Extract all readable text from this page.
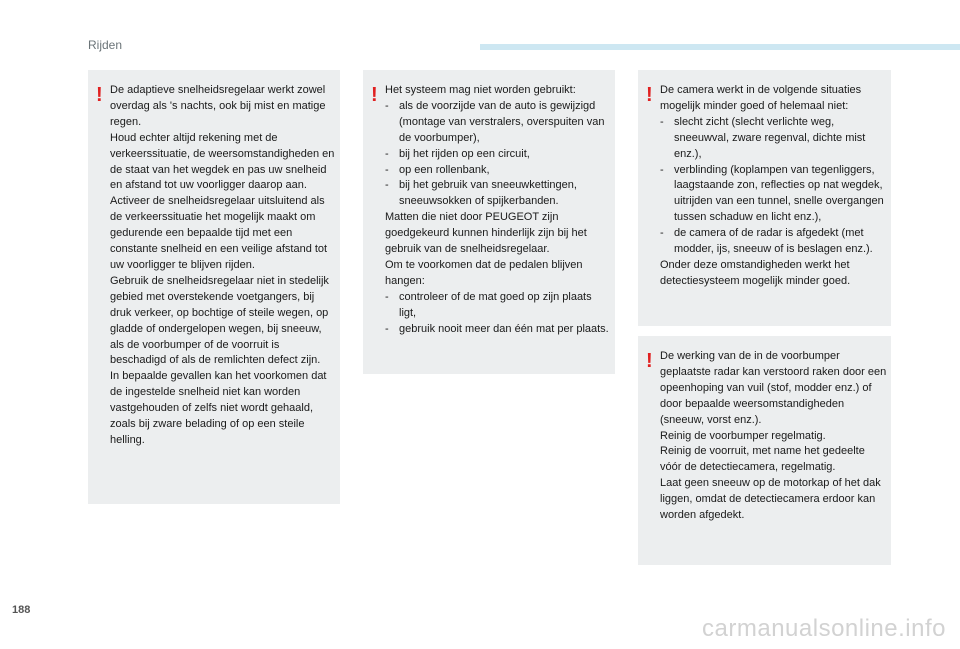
Rijden
! De adaptieve snelheidsregelaar werkt zowel overdag als 's nachts, ook bij mist en matige regen.

Houd echter altijd rekening met de verkeerssituatie, de weersomstandigheden en de staat van het wegdek en pas uw snelheid en afstand tot uw voorligger daarop aan.

Activeer de snelheidsregelaar uitsluitend als de verkeerssituatie het mogelijk maakt om gedurende een bepaalde tijd met een constante snelheid en een veilige afstand tot uw voorligger te blijven rijden.

Gebruik de snelheidsregelaar niet in stedelijk gebied met overstekende voetgangers, bij druk verkeer, op bochtige of steile wegen, op gladde of ondergelopen wegen, bij sneeuw, als de voorbumper of de voorruit is beschadigd of als de remlichten defect zijn.

In bepaalde gevallen kan het voorkomen dat de ingestelde snelheid niet kan worden vastgehouden of zelfs niet wordt gehaald, zoals bij zware belading of op een steile helling.

! Het systeem mag niet worden gebruikt:

- als de voorzijde van de auto is gewijzigd (montage van verstralers, overspuiten van de voorbumper),
- bij het rijden op een circuit,
- op een rollenbank,
- bij het gebruik van sneeuwkettingen, sneeuwsokken of spijkerbanden.

Matten die niet door PEUGEOT zijn goedgekeurd kunnen hinderlijk zijn bij het gebruik van de snelheidsregelaar.

Om te voorkomen dat de pedalen blijven hangen:

- controleer of de mat goed op zijn plaats ligt,
- gebruik nooit meer dan één mat per plaats.
! De camera werkt in de volgende situaties mogelijk minder goed of helemaal niet:

- slecht zicht (slecht verlichte weg, sneeuwval, zware regenval, dichte mist enz.),
- verblinding (koplampen van tegenliggers, laagstaande zon, reflecties op nat wegdek, uitrijden van een tunnel, snelle overgangen tussen schaduw en licht enz.),
- de camera of de radar is afgedekt (met modder, ijs, sneeuw of is beslagen enz.).

Onder deze omstandigheden werkt het detectiesysteem mogelijk minder goed.

! De werking van de in de voorbumper geplaatste radar kan verstoord raken door een opeenhoping van vuil (stof, modder enz.) of door bepaalde weersomstandigheden (sneeuw, vorst enz.).

Reinig de voorbumper regelmatig.

Reinig de voorruit, met name het gedeelte vóór de detectiecamera, regelmatig.

Laat geen sneeuw op de motorkap of het dak liggen, omdat de detectiecamera erdoor kan worden afgedekt.

188
carmanualsonline.info
